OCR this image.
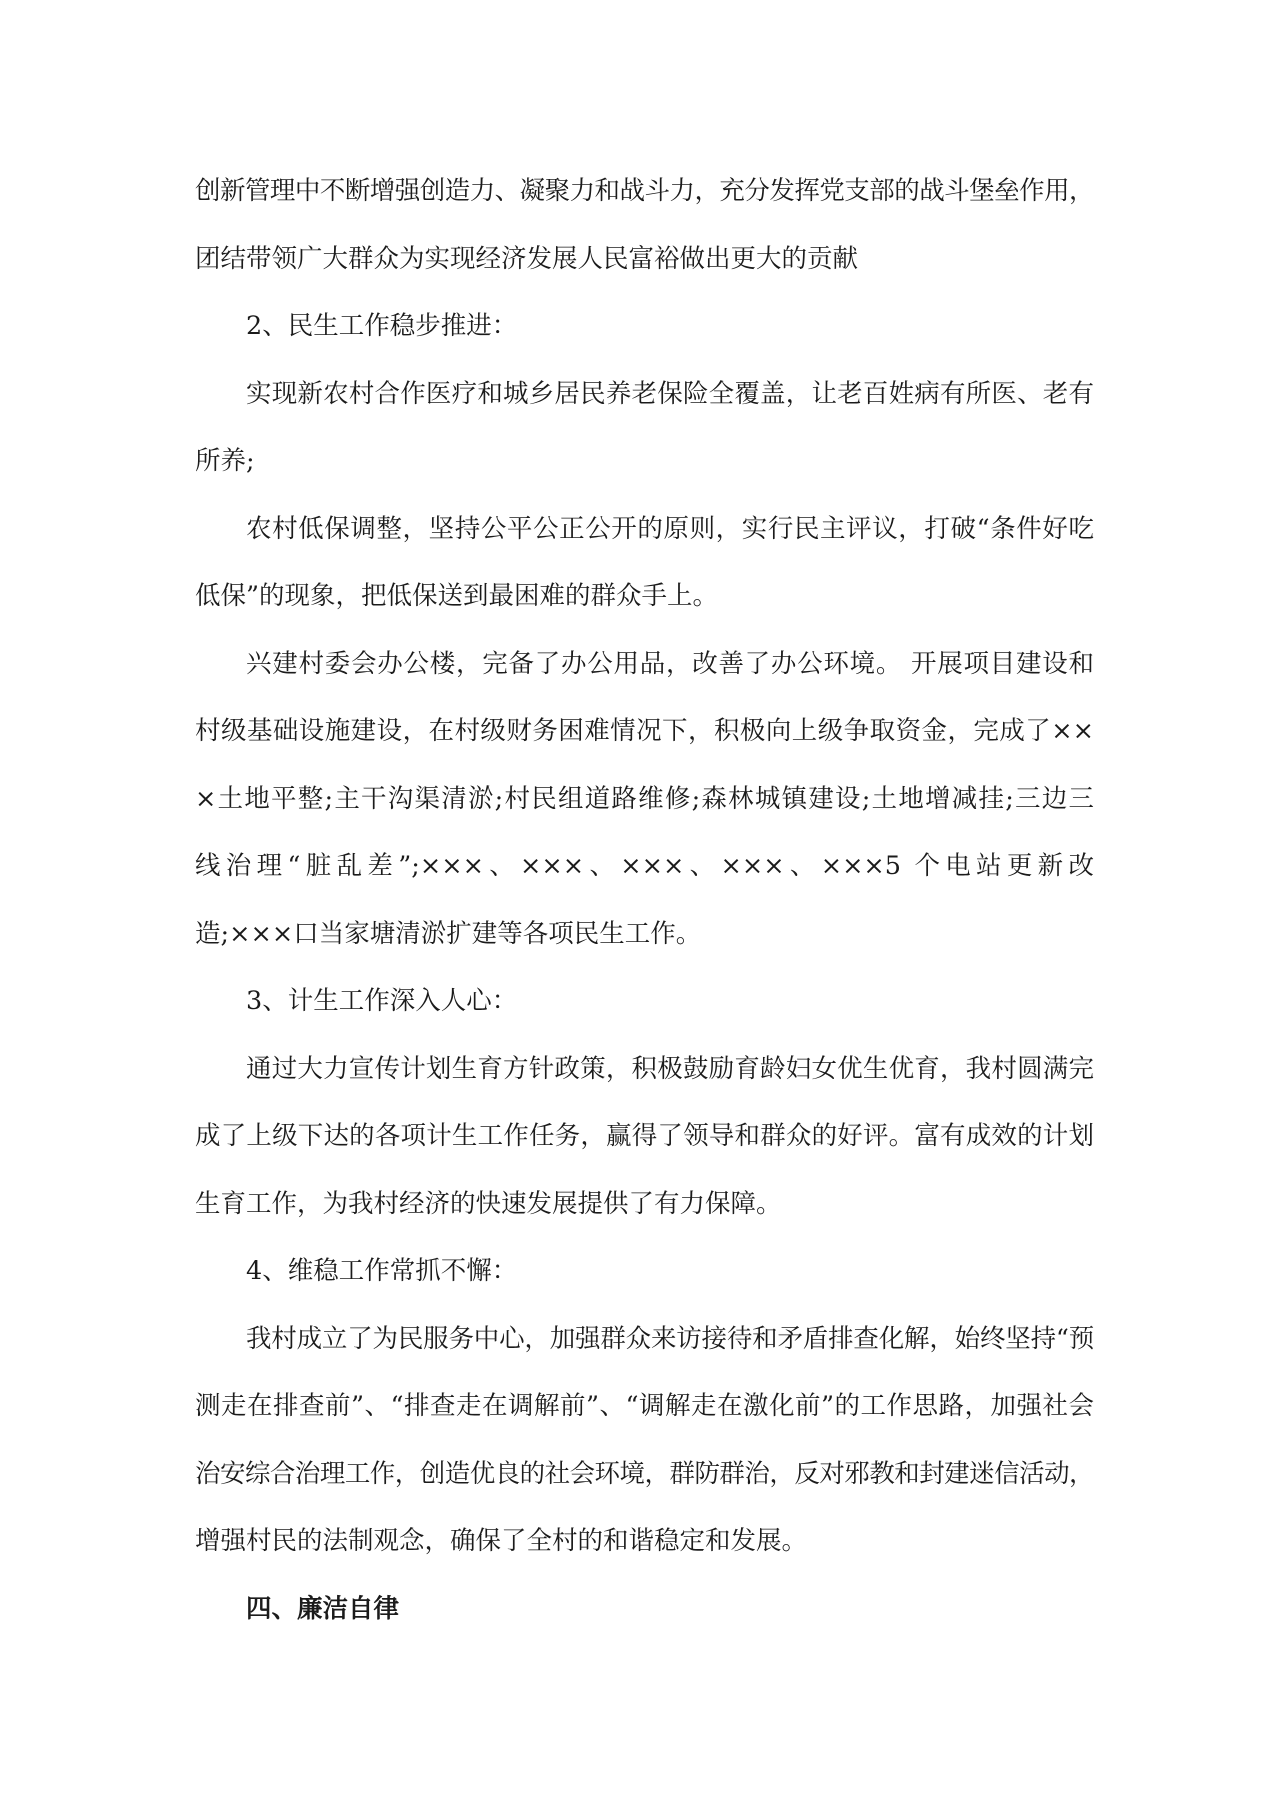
创新管理中不断增强创造力、凝聚力和战斗力，充分发挥党支部的战斗堡垒作用，
团结带领广大群众为实现经济发展人民富裕做出更大的贡献

2、民生工作稳步推进：

实现新农村合作医疗和城乡居民养老保险全覆盖，让老百姓病有所医、老有
所养;

农村低保调整，坚持公平公正公开的原则，实行民主评议，打破“条件好吃
低保”的现象，把低保送到最困难的群众手上。

兴建村委会办公楼，完备了办公用品，改善了办公环境。 开展项目建设和
村级基础设施建设，在村级财务困难情况下，积极向上级争取资金，完成了××
×土地平整;主干沟渠清淤;村民组道路维修;森林城镇建设;土地增减挂;三边三
线治理“脏乱差”;×××、×××、×××、×××、×××5 个电站更新改
造;×××口当家塘清淤扩建等各项民生工作。

3、计生工作深入人心：

通过大力宣传计划生育方针政策，积极鼓励育龄妇女优生优育，我村圆满完
成了上级下达的各项计生工作任务，赢得了领导和群众的好评。富有成效的计划
生育工作，为我村经济的快速发展提供了有力保障。

4、维稳工作常抓不懈：

我村成立了为民服务中心，加强群众来访接待和矛盾排查化解，始终坚持“预
测走在排查前”、“排查走在调解前”、“调解走在激化前”的工作思路，加强社会
治安综合治理工作，创造优良的社会环境，群防群治，反对邪教和封建迷信活动，
增强村民的法制观念，确保了全村的和谐稳定和发展。

四、廉洁自律
